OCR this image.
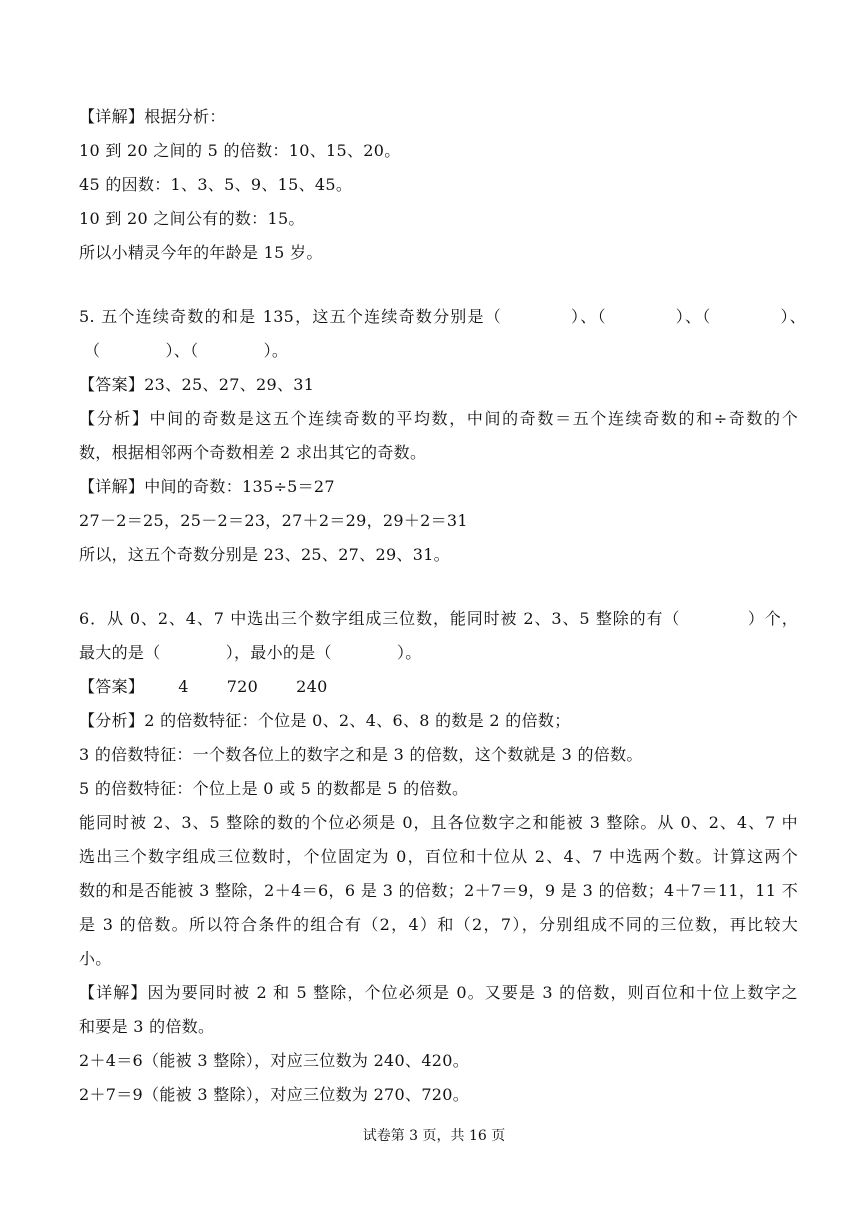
【详解】根据分析：
10 到 20 之间的 5 的倍数：10、15、20。
45 的因数：1、3、5、9、15、45。
10 到 20 之间公有的数：15。
所以小精灵今年的年龄是 15 岁。
5. 五个连续奇数的和是 135，这五个连续奇数分别是（　　　　）、（　　　　）、（　　　　）、
（　　　　）、（　　　　）。
【答案】23、25、27、29、31
【分析】中间的奇数是这五个连续奇数的平均数，中间的奇数＝五个连续奇数的和÷奇数的个
数，根据相邻两个奇数相差 2 求出其它的奇数。
【详解】中间的奇数：135÷5＝27
27－2＝25，25－2＝23，27＋2＝29，29＋2＝31
所以，这五个奇数分别是 23、25、27、29、31。
6．从 0、2、4、7 中选出三个数字组成三位数，能同时被 2、3、5 整除的有（　　　　）个，
最大的是（　　　　），最小的是（　　　　）。
【答案】 4 720 240
【分析】2 的倍数特征：个位是 0、2、4、6、8 的数是 2 的倍数；
3 的倍数特征：一个数各位上的数字之和是 3 的倍数，这个数就是 3 的倍数。
5 的倍数特征：个位上是 0 或 5 的数都是 5 的倍数。
能同时被 2、3、5 整除的数的个位必须是 0，且各位数字之和能被 3 整除。从 0、2、4、7 中
选出三个数字组成三位数时，个位固定为 0，百位和十位从 2、4、7 中选两个数。计算这两个
数的和是否能被 3 整除，2＋4＝6，6 是 3 的倍数；2＋7＝9，9 是 3 的倍数；4＋7＝11，11 不
是 3 的倍数。所以符合条件的组合有（2，4）和（2，7），分别组成不同的三位数，再比较大
小。
【详解】因为要同时被 2 和 5 整除，个位必须是 0。又要是 3 的倍数，则百位和十位上数字之
和要是 3 的倍数。
2＋4＝6（能被 3 整除），对应三位数为 240、420。
2＋7＝9（能被 3 整除），对应三位数为 270、720。
试卷第 3 页，共 16 页
